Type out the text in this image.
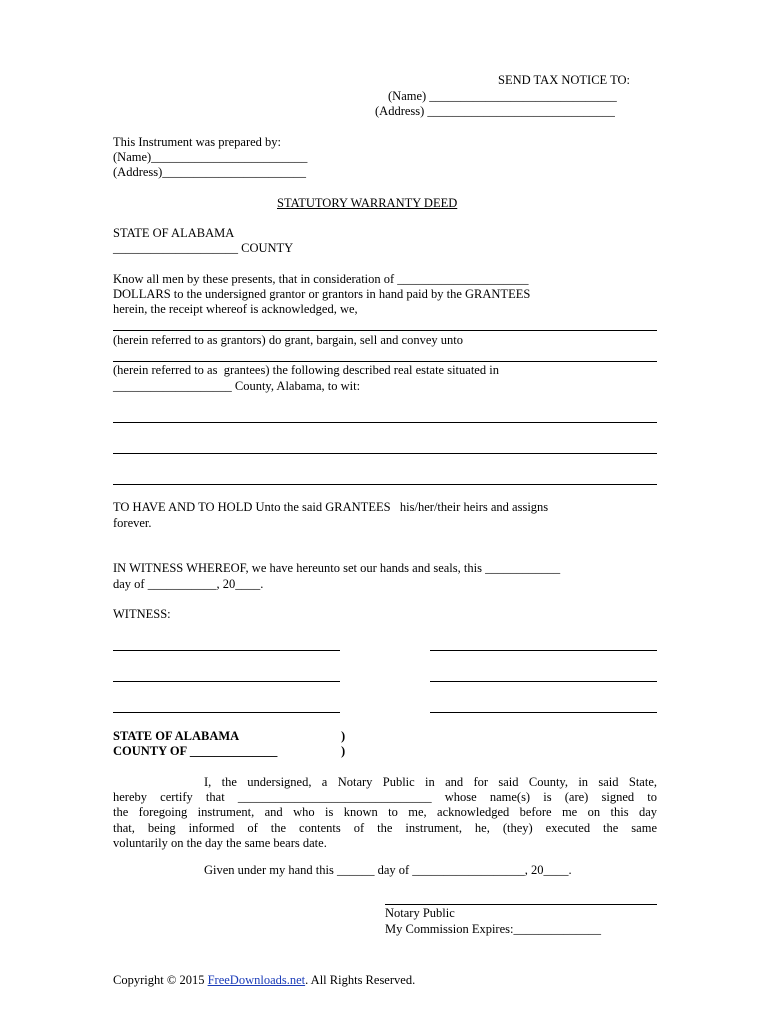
SEND TAX NOTICE TO:
(Name) ______________________________
(Address) ______________________________
This Instrument was prepared by:
(Name)_________________________
(Address)_______________________
STATUTORY WARRANTY DEED
STATE OF ALABAMA
____________________ COUNTY
Know all men by these presents, that in consideration of _____________________
DOLLARS to the undersigned grantor or grantors in hand paid by the GRANTEES
herein, the receipt whereof is acknowledged, we,
(herein referred to as grantors) do grant, bargain, sell and convey unto
(herein referred to as  grantees) the following described real estate situated in
___________________ County, Alabama, to wit:
TO HAVE AND TO HOLD Unto the said GRANTEES   his/her/their heirs and assigns
forever.
IN WITNESS WHEREOF, we have hereunto set our hands and seals, this ____________
day of ___________, 20____.
WITNESS:
STATE OF ALABAMA	)
COUNTY OF ______________	)
I, the undersigned, a Notary Public in and for said County, in said State,
hereby certify that _______________________________ whose name(s) is (are) signed to
the foregoing instrument, and who is known to me, acknowledged before me on this day
that, being informed of the contents of the instrument, he, (they) executed the same
voluntarily on the day the same bears date.
Given under my hand this ______ day of __________________, 20____.
Notary Public
My Commission Expires:______________
Copyright © 2015 FreeDownloads.net. All Rights Reserved.
